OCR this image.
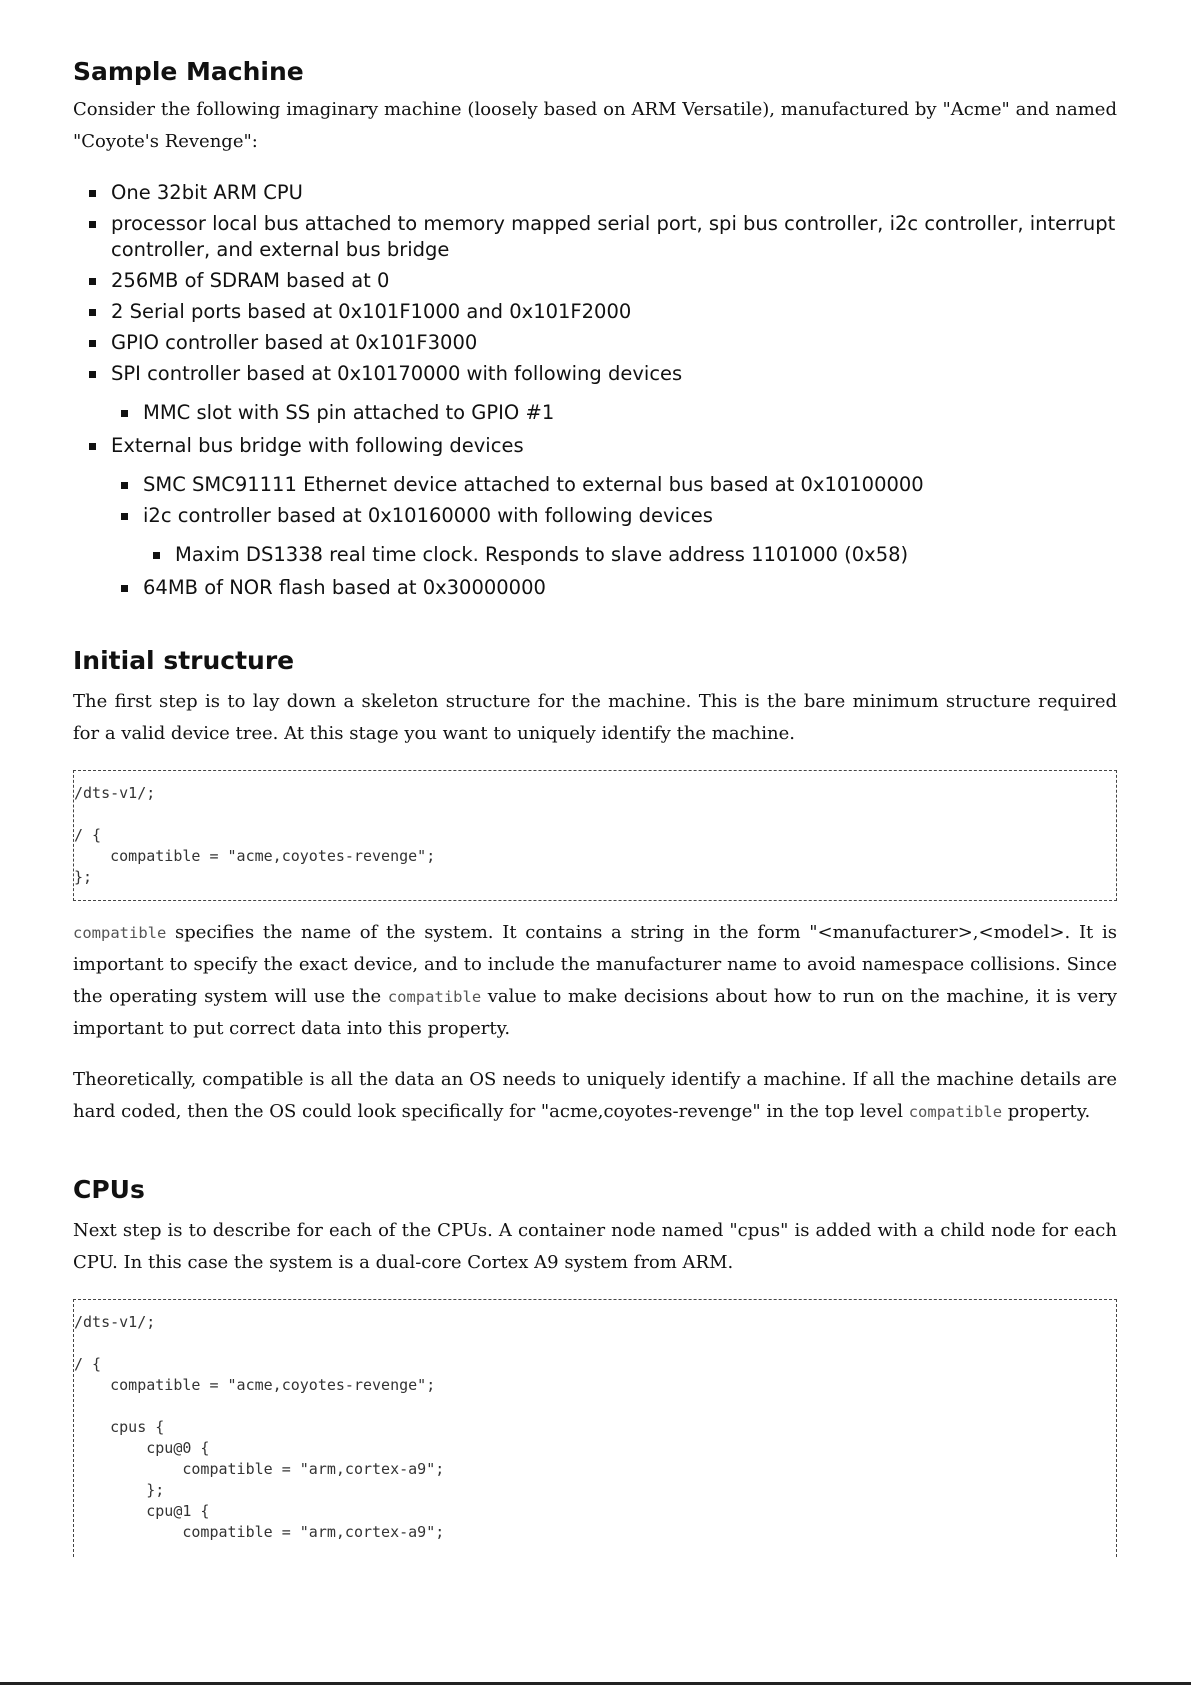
Sample Machine

Consider the following imaginary machine (loosely based on ARM Versatile), manufactured by "Acme" and named "Coyote's Revenge":

One 32bit ARM CPU
processor local bus attached to memory mapped serial port, spi bus controller, i2c controller, interrupt controller, and external bus bridge
256MB of SDRAM based at 0
2 Serial ports based at 0x101F1000 and 0x101F2000
GPIO controller based at 0x101F3000
SPI controller based at 0x10170000 with following devices
MMC slot with SS pin attached to GPIO #1
External bus bridge with following devices
SMC SMC91111 Ethernet device attached to external bus based at 0x10100000
i2c controller based at 0x10160000 with following devices
Maxim DS1338 real time clock. Responds to slave address 1101000 (0x58)
64MB of NOR flash based at 0x30000000
Initial structure

The first step is to lay down a skeleton structure for the machine. This is the bare minimum structure required for a valid device tree. At this stage you want to uniquely identify the machine.

/dts-v1/;
/ {
compatible = "acme,coyotes-revenge";
};

compatible specifies the name of the system. It contains a string in the form "<manufacturer>,<model>. It is important to specify the exact device, and to include the manufacturer name to avoid namespace collisions. Since the operating system will use the compatible value to make decisions about how to run on the machine, it is very important to put correct data into this property.

Theoretically, compatible is all the data an OS needs to uniquely identify a machine. If all the machine details are hard coded, then the OS could look specifically for "acme,coyotes-revenge" in the top level compatible property.

CPUs

Next step is to describe for each of the CPUs. A container node named "cpus" is added with a child node for each CPU. In this case the system is a dual-core Cortex A9 system from ARM.

/dts-v1/;
/ {
compatible = "acme,coyotes-revenge";
cpus {
cpu@0 {
compatible = "arm,cortex-a9";
};
cpu@1 {
compatible = "arm,cortex-a9";
